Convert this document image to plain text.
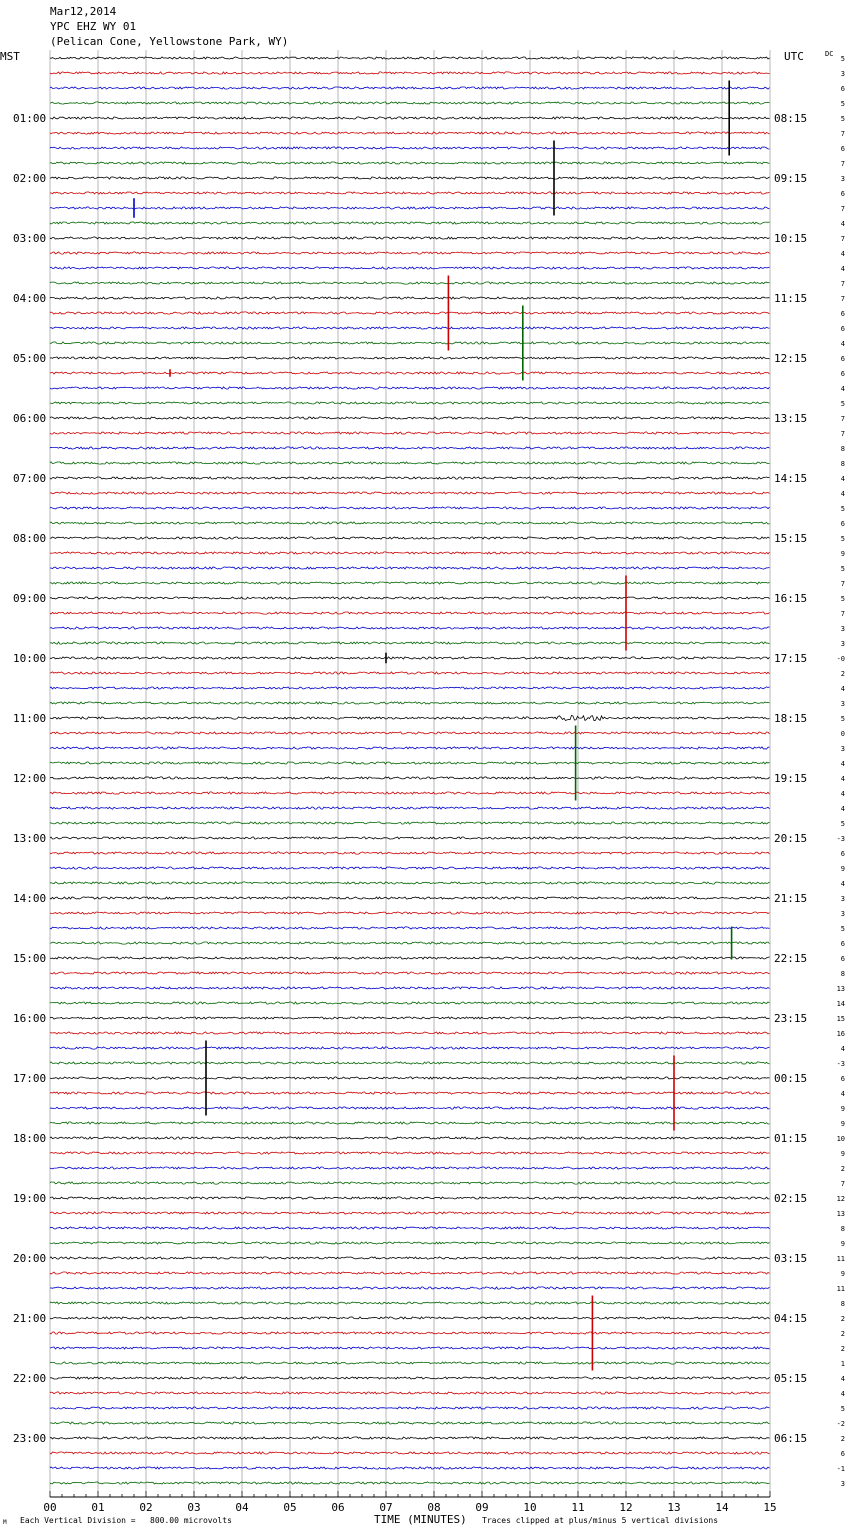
01:00
02:00
03:00
04:00
05:00
06:00
07:00
08:00
09:00
10:00
11:00
12:00
13:00
14:00
15:00
16:00
17:00
18:00
19:00
20:00
21:00
22:00
23:00
08:15
09:15
10:15
11:15
12:15
13:15
14:15
15:15
16:15
17:15
18:15
19:15
20:15
21:15
22:15
23:15
00:15
01:15
02:15
03:15
04:15
05:15
06:15
5
3
6
5
5
7
6
7
3
6
7
4
7
4
4
7
7
6
6
4
6
6
4
5
7
7
8
8
4
4
5
6
5
9
5
7
5
7
3
3
-0
2
4
3
5
0
3
4
4
4
4
5
-3
6
9
4
3
3
5
6
6
8
13
14
15
16
4
-3
6
4
9
9
10
9
2
7
12
13
8
9
11
9
11
8
2
2
2
1
4
4
5
-2
2
6
-1
3
00	01	02	03	04	05	06	07	08	09	10	11	12	13	14	15
Mar12,2014
YPC EHZ WY 01
(Pelican Cone, Yellowstone Park, WY)
MST	UTC	DC
M Each Vertical Division = 800.00 microvolts	TIME (MINUTES) Traces clipped at plus/minus 5 vertical divisions
